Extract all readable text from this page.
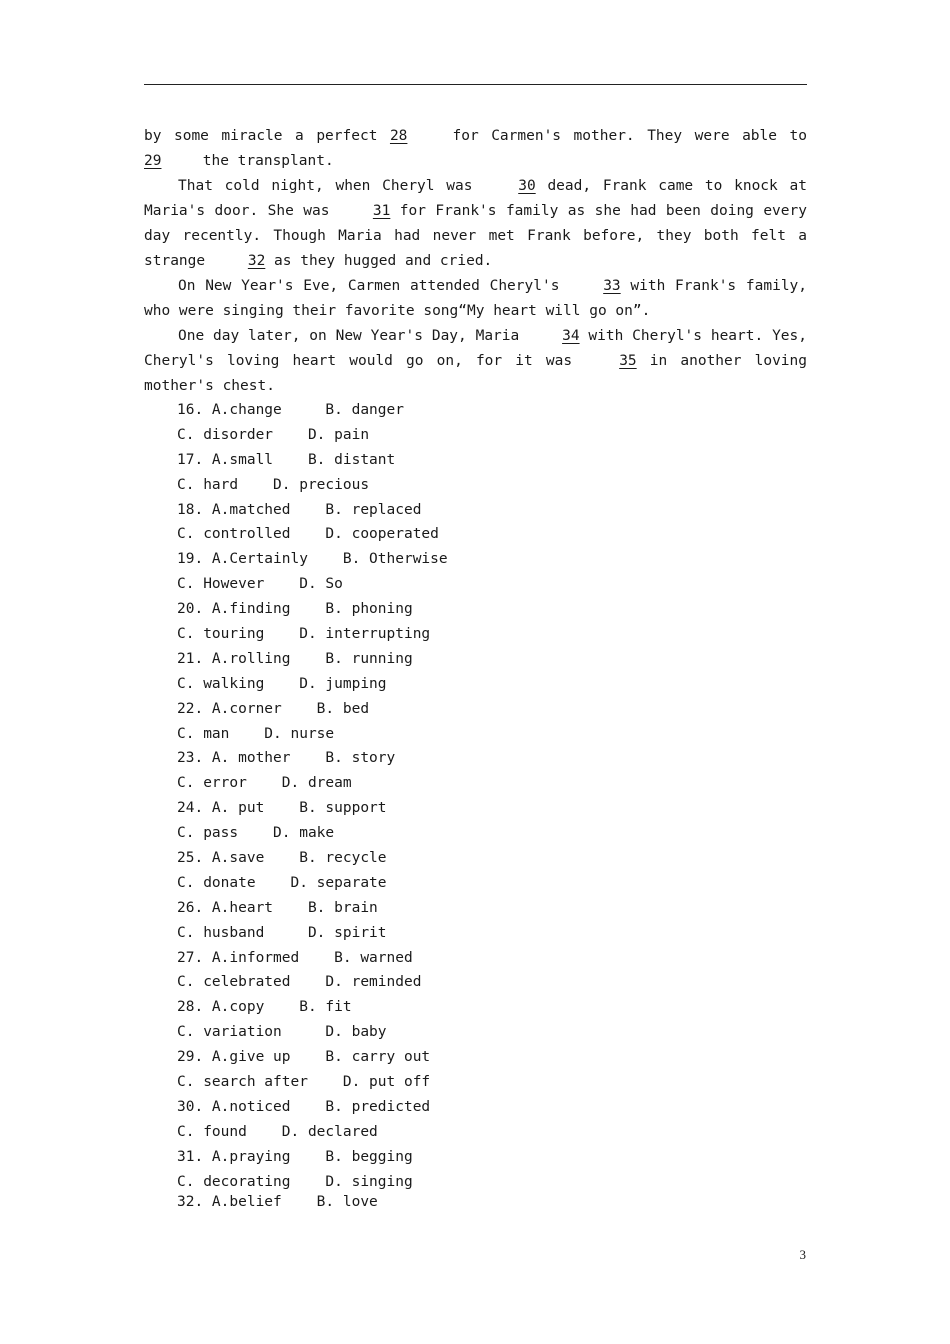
by some miracle a perfect 28 for Carmen's mother. They were able to 29 the transplant.

That cold night, when Cheryl was 30 dead, Frank came to knock at Maria's door. She was 31 for Frank's family as she had been doing every day recently. Though Maria had never met Frank before, they both felt a strange 32 as they hugged and cried.

On New Year's Eve, Carmen attended Cheryl's 33 with Frank's family, who were singing their favorite song“My heart will go on”.

One day later, on New Year's Day, Maria 34 with Cheryl's heart. Yes, Cheryl's loving heart would go on, for it was 35 in another loving mother's chest.

16. A.change     B. danger
C. disorder    D. pain
17. A.small    B. distant
C. hard    D. precious
18. A.matched    B. replaced
C. controlled    D. cooperated
19. A.Certainly    B. Otherwise
C. However    D. So
20. A.finding    B. phoning
C. touring    D. interrupting
21. A.rolling    B. running
C. walking    D. jumping
22. A.corner    B. bed
C. man    D. nurse
23. A. mother    B. story
C. error    D. dream
24. A. put    B. support
C. pass    D. make
25. A.save    B. recycle
C. donate    D. separate
26. A.heart    B. brain
C. husband     D. spirit
27. A.informed    B. warned
C. celebrated    D. reminded
28. A.copy    B. fit
C. variation     D. baby
29. A.give up    B. carry out
C. search after    D. put off
30. A.noticed    B. predicted
C. found    D. declared
31. A.praying    B. begging
C. decorating    D. singing
32. A.belief    B. love
3
